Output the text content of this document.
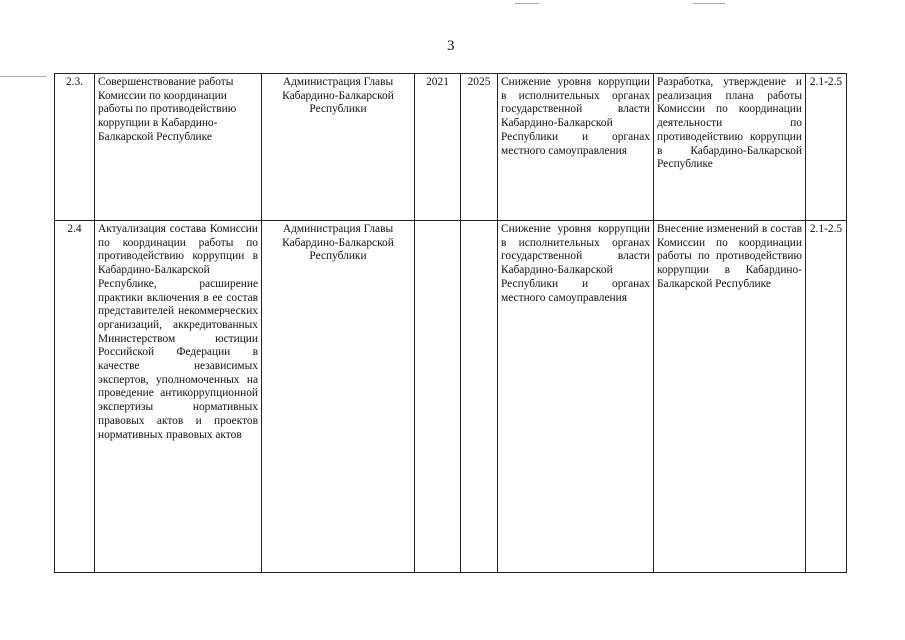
3
2.3.	Совершенствование работы Комиссии по координации работы по противодействию коррупции в Кабардино-Балкарской Республике	Администрация Главы Кабардино-Балкарской Республики	2021	2025	Снижение уровня коррупции в исполнительных органах государственной власти Кабардино-Балкарской Республики и органах местного самоуправления	Разработка, утверждение и реализация плана работы Комиссии по координации деятельности по противодействию коррупции в Кабардино-Балкарской Республике	2.1-2.5
2.4	Актуализация состава Комиссии по координации работы по противодействию коррупции в Кабардино-Балкарской Республике, расширение практики включения в ее состав представителей некоммерческих организаций, аккредитованных Министерством юстиции Российской Федерации в качестве независимых экспертов, уполномоченных на проведение антикоррупционной экспертизы нормативных правовых актов и проектов нормативных правовых актов	Администрация Главы Кабардино-Балкарской Республики			Снижение уровня коррупции в исполнительных органах государственной власти Кабардино-Балкарской Республики и органах местного самоуправления	Внесение изменений в состав Комиссии по координации работы по противодействию коррупции в Кабардино-Балкарской Республике	2.1-2.5
